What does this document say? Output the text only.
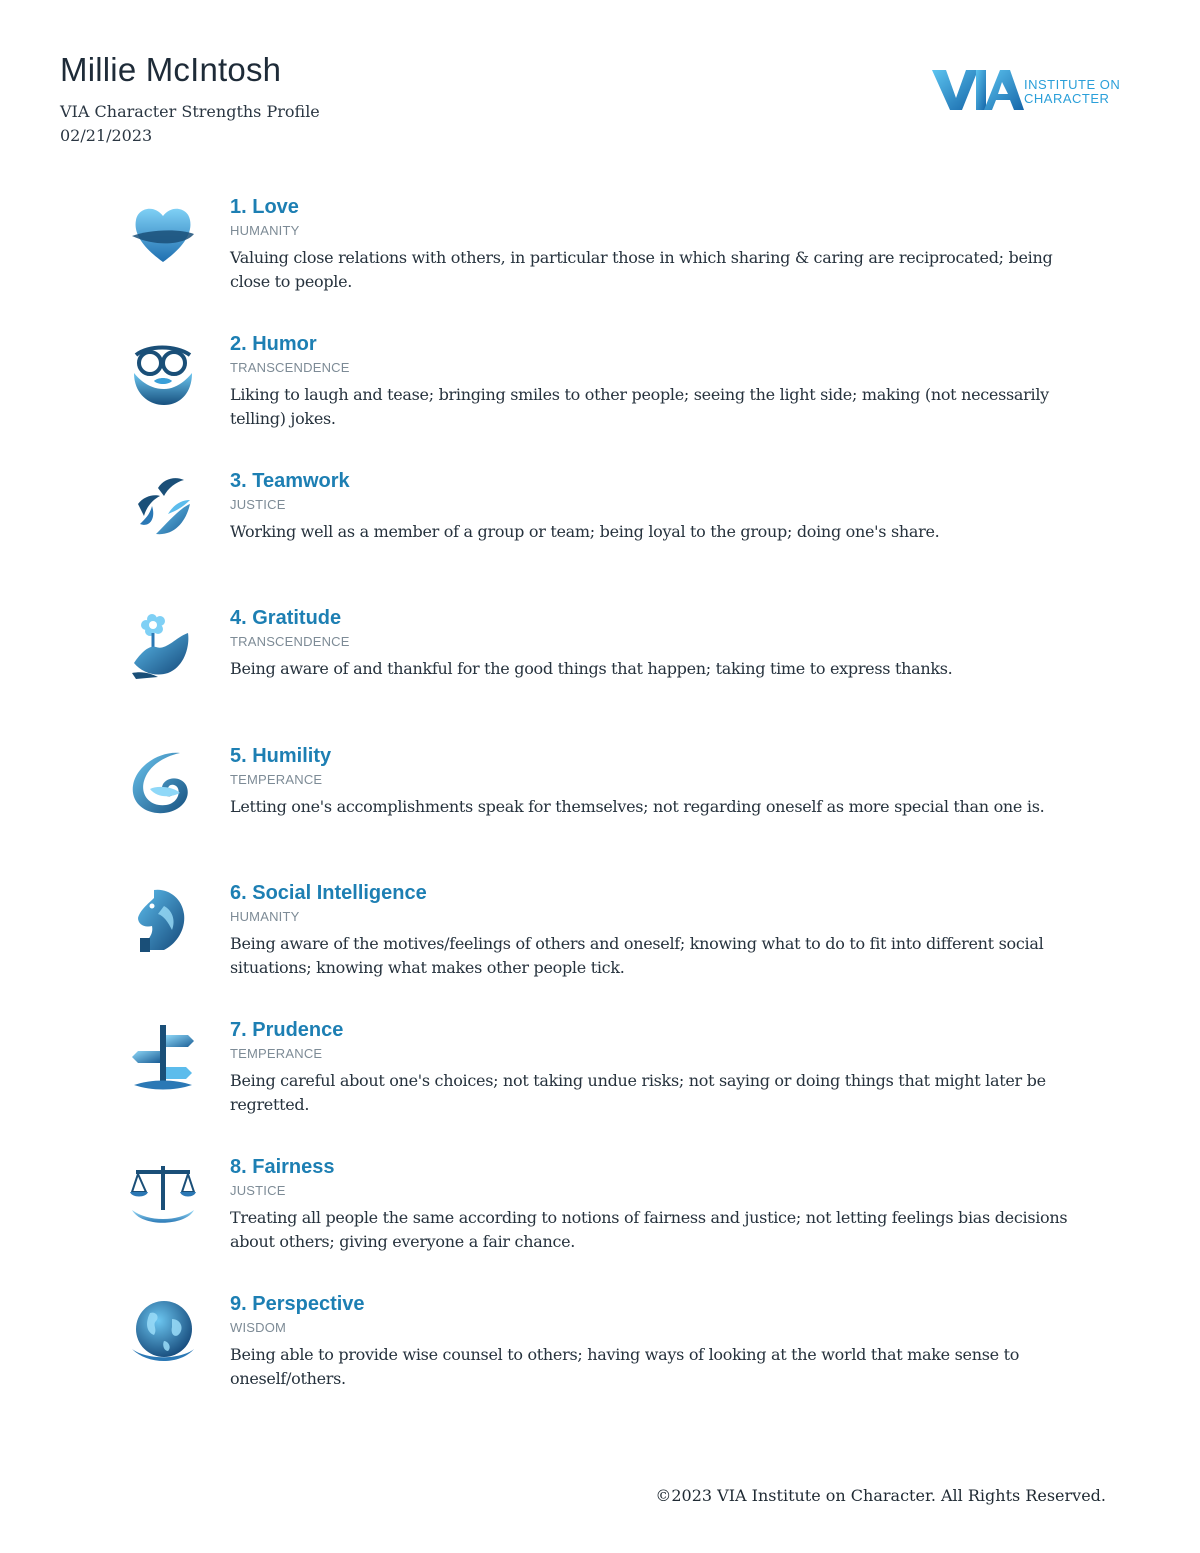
Millie McIntosh
VIA Character Strengths Profile
02/21/2023
VIA
INSTITUTE ON
CHARACTER
1. Love
HUMANITY
Valuing close relations with others, in particular those in which sharing & caring are reciprocated; being close to people.
2. Humor
TRANSCENDENCE
Liking to laugh and tease; bringing smiles to other people; seeing the light side; making (not necessarily telling) jokes.
3. Teamwork
JUSTICE
Working well as a member of a group or team; being loyal to the group; doing one's share.
4. Gratitude
TRANSCENDENCE
Being aware of and thankful for the good things that happen; taking time to express thanks.
5. Humility
TEMPERANCE
Letting one's accomplishments speak for themselves; not regarding oneself as more special than one is.
6. Social Intelligence
HUMANITY
Being aware of the motives/feelings of others and oneself; knowing what to do to fit into different social situations; knowing what makes other people tick.
7. Prudence
TEMPERANCE
Being careful about one's choices; not taking undue risks; not saying or doing things that might later be regretted.
8. Fairness
JUSTICE
Treating all people the same according to notions of fairness and justice; not letting feelings bias decisions about others; giving everyone a fair chance.
9. Perspective
WISDOM
Being able to provide wise counsel to others; having ways of looking at the world that make sense to oneself/others.
©2023 VIA Institute on Character. All Rights Reserved.
